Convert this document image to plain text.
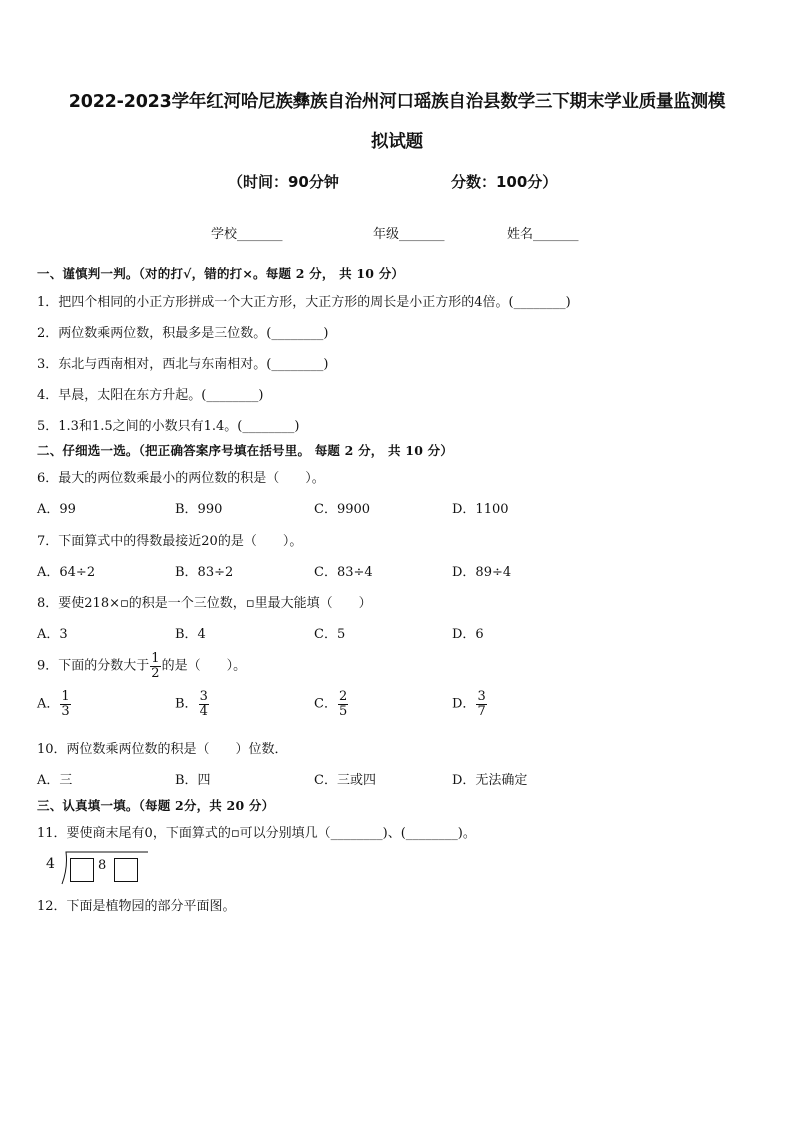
2022-2023学年红河哈尼族彝族自治州河口瑶族自治县数学三下期末学业质量监测模
拟试题
（时间：90分钟	分数：100分）
学校_______	年级_______	姓名_______
一、谨慎判一判。（对的打√，错的打×。每题 2 分， 共 10 分）
1．把四个相同的小正方形拼成一个大正方形，大正方形的周长是小正方形的4倍。(________)
2．两位数乘两位数，积最多是三位数。(________)
3．东北与西南相对，西北与东南相对。(________)
4．早晨，太阳在东方升起。(________)
5．1.3和1.5之间的小数只有1.4。(________)
二、仔细选一选。（把正确答案序号填在括号里。 每题 2 分， 共 10 分）
6．最大的两位数乘最小的两位数的积是（　　）。
A．99	B．990	C．9900	D．1100
7．下面算式中的得数最接近20的是（　　）。
A．64÷2	B．83÷2	C．83÷4	D．89÷4
8．要使218×▫的积是一个三位数，▫里最大能填（　　）
A．3	B．4	C．5	D．6
9．下面的分数大于 $\frac{1}{2}$ 的是（　　）。
A． $\frac{1}{3}$	B． $\frac{3}{4}$	C． $\frac{2}{5}$	D． $\frac{3}{7}$
10．两位数乘两位数的积是（　　）位数．
A．三	B．四	C．三或四	D．无法确定
三、认真填一填。（每题 2分，共 20 分）
11．要使商末尾有0，下面算式的▫可以分别填几（________)、(________)。
4	8
12．下面是植物园的部分平面图。
